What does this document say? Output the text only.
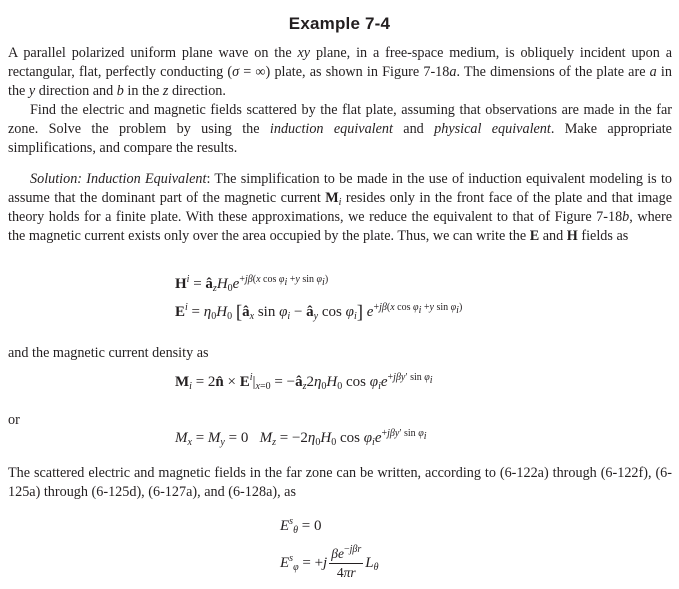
Example 7-4

A parallel polarized uniform plane wave on the xy plane, in a free-space medium, is obliquely incident upon a rectangular, flat, perfectly conducting (σ = ∞) plate, as shown in Figure 7-18a. The dimensions of the plate are a in the y direction and b in the z direction.

Find the electric and magnetic fields scattered by the flat plate, assuming that observations are made in the far zone. Solve the problem by using the induction equivalent and physical equivalent. Make appropriate simplifications, and compare the results.

Solution: Induction Equivalent: The simplification to be made in the use of induction equivalent modeling is to assume that the dominant part of the magnetic current $M_i$ resides only in the front face of the plate and that image theory holds for a finite plate. With these approximations, we reduce the equivalent to that of Figure 7-18b, where the magnetic current exists only over the area occupied by the plate. Thus, we can write the E and H fields as

$H^i$ = $â_zH_0e^{+j\beta(x cos \varphi_i +y sin \varphi_i)}$
$E^i = \eta_0H_0$ [$â_x$ $\sin \varphi_i$ − $â_y$ $\cos \varphi_i$] $e^{+j\beta(x cos \varphi_i +y sin \varphi_i)}$
and the magnetic current density as
$M_i$ = 2n̂ × $E^i|_{x=0}$ = $-â_z2\eta_0H_0$ $\cos \varphi_ie^{+j\beta y' sin \varphi_i}$
or
$M_x = M_y = 0$   $M_z = -2\eta_0H_0$ $\cos \varphi_ie^{+j\beta y' sin \varphi_i}$
The scattered electric and magnetic fields in the far zone can be written, according to (6-122a) through (6-122f), (6-125a) through (6-125d), (6-127a), and (6-128a), as
$E^s_\theta = 0$
$E^s_\varphi = +j \frac{\beta e^{-j\beta r}}{4\pi r} L_\theta$
